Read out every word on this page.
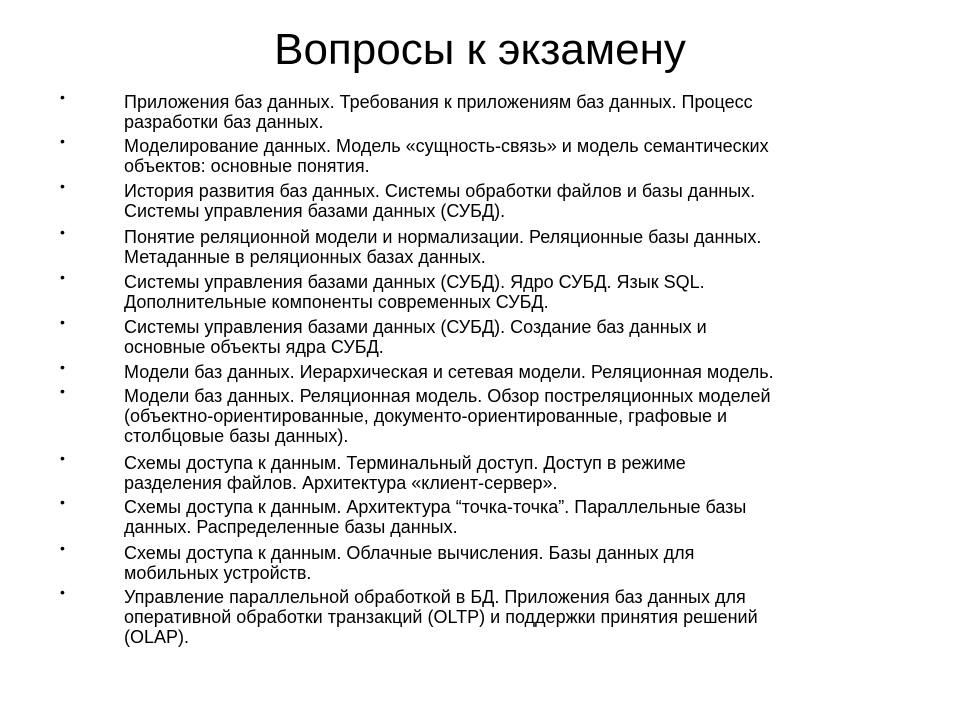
Вопросы к экзамену
•	Приложения баз данных. Требования к приложениям баз данных. Процесс
разработки баз данных.
•	Моделирование данных. Модель «сущность-связь» и модель семантических
объектов: основные понятия.
•	История развития баз данных. Системы обработки файлов и базы данных.
Системы управления базами данных (СУБД).
•	Понятие реляционной модели и нормализации. Реляционные базы данных.
Метаданные в реляционных базах данных.
•	Системы управления базами данных (СУБД). Ядро СУБД. Язык SQL.
Дополнительные компоненты современных СУБД.
•	Системы управления базами данных (СУБД). Создание баз данных и
основные объекты ядра СУБД.
•	Модели баз данных. Иерархическая и сетевая модели. Реляционная модель.
•	Модели баз данных. Реляционная модель. Обзор постреляционных моделей
(объектно-ориентированные, документо-ориентированные, графовые и
столбцовые базы данных).
•	Схемы доступа к данным. Терминальный доступ. Доступ в режиме
разделения файлов. Архитектура «клиент-сервер».
•	Схемы доступа к данным. Архитектура “точка-точка”. Параллельные базы
данных. Распределенные базы данных.
•	Схемы доступа к данным. Облачные вычисления. Базы данных для
мобильных устройств.
•	Управление параллельной обработкой в БД. Приложения баз данных для
оперативной обработки транзакций (OLTP) и поддержки принятия решений
(OLAP).
